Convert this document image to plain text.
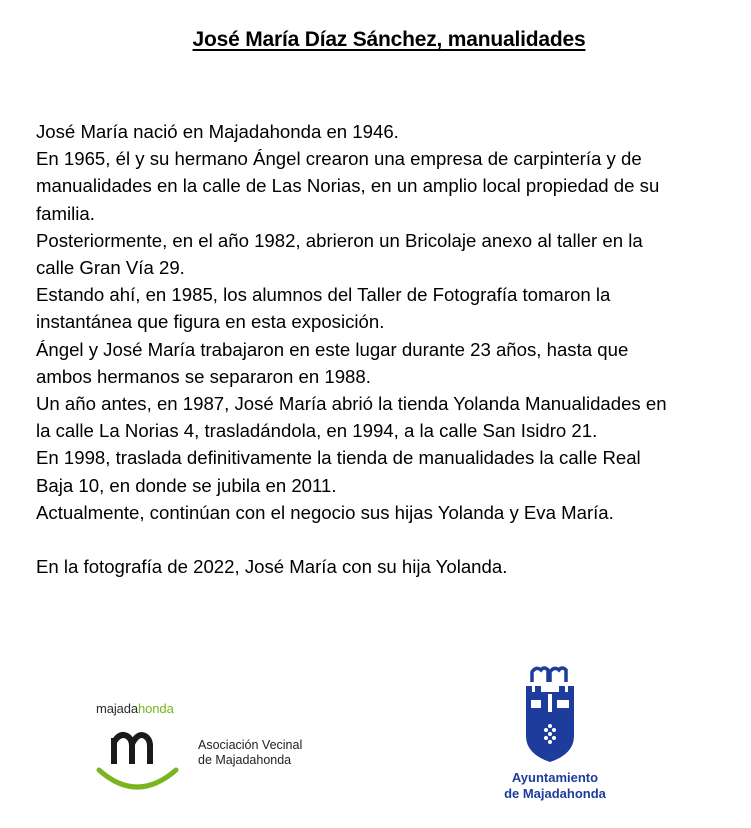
José María Díaz Sánchez, manualidades

José María nació en Majadahonda en 1946.

En 1965, él y su hermano Ángel crearon una empresa de carpintería y de

manualidades en la calle de Las Norias, en un amplio local propiedad de su

familia.

Posteriormente, en el año 1982, abrieron un Bricolaje anexo al taller en la

calle Gran Vía 29.

Estando ahí, en 1985, los alumnos del Taller de Fotografía tomaron la

instantánea que figura en esta exposición.

Ángel y José María trabajaron en este lugar durante 23 años, hasta que

ambos hermanos se separaron en 1988.

Un año antes, en 1987, José María abrió la tienda Yolanda Manualidades en

la calle La Norias 4, trasladándola, en 1994, a la calle San Isidro 21.

En 1998, traslada definitivamente la tienda de manualidades la calle Real

Baja 10, en donde se jubila en 2011.

Actualmente, continúan con el negocio sus hijas Yolanda y Eva María.

En la fotografía de 2022, José María con su hija Yolanda.

majadahonda
Asociación Vecinal
de Majadahonda
Ayuntamiento
de Majadahonda
